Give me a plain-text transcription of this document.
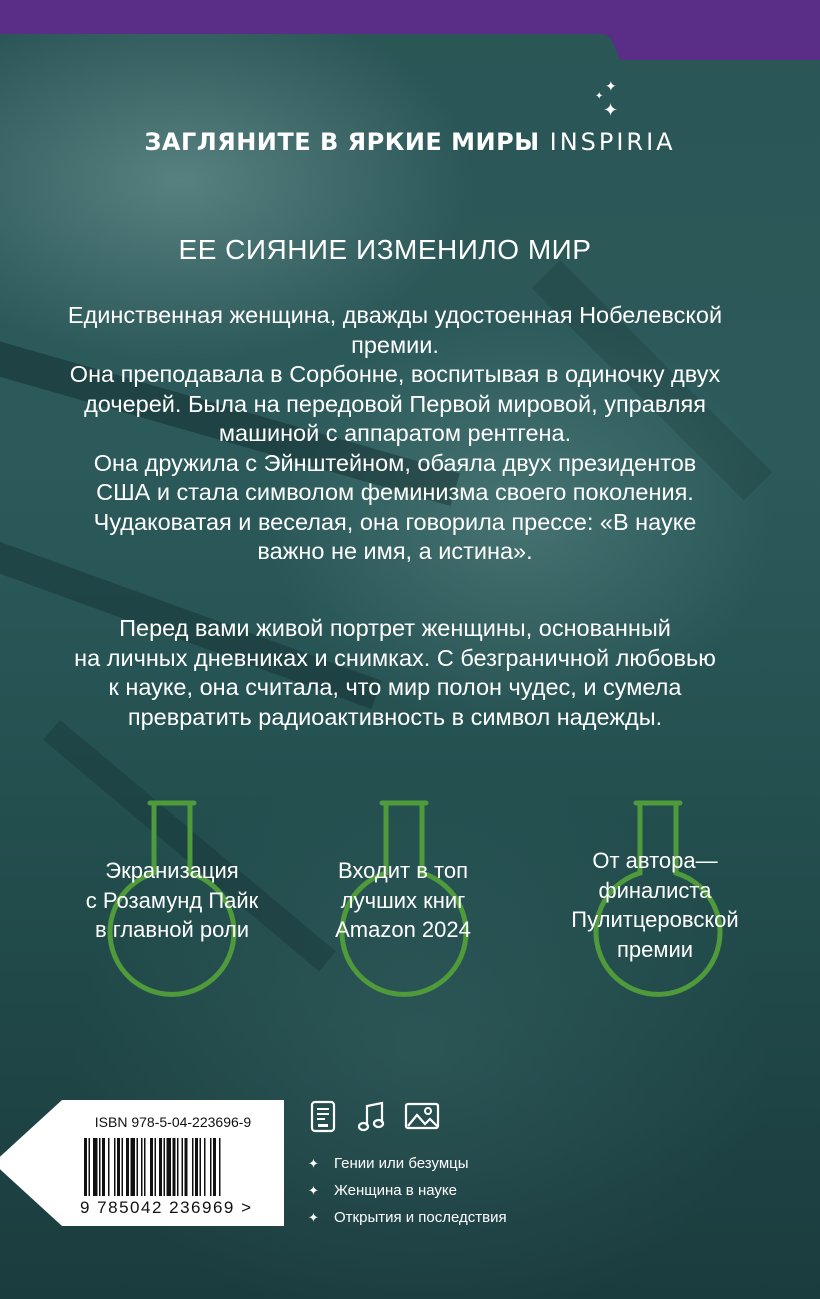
✦
✦
✦
ЗАГЛЯНИТЕ В ЯРКИЕ МИРЫ INSPIRIA
ЕЕ СИЯНИЕ ИЗМЕНИЛО МИР
Единственная женщина, дважды удостоенная Нобелевской
премии.
Она преподавала в Сорбонне, воспитывая в одиночку двух
дочерей. Была на передовой Первой мировой, управляя
машиной с аппаратом рентгена.
Она дружила с Эйнштейном, обаяла двух президентов
США и стала символом феминизма своего поколения.
Чудаковатая и веселая, она говорила прессе: «В науке
важно не имя, а истина».
Перед вами живой портрет женщины, основанный
на личных дневниках и снимках. С безграничной любовью
к науке, она считала, что мир полон чудес, и сумела
превратить радиоактивность в символ надежды.
Экранизация
с Розамунд Пайк
в главной роли
Входит в топ
лучших книг
Amazon 2024
От автора—
финалиста
Пулитцеровской
премии
ISBN 978-5-04-223696-9
9 785042 236969 >
✦ Гении или безумцы
✦ Женщина в науке
✦ Открытия и последствия
